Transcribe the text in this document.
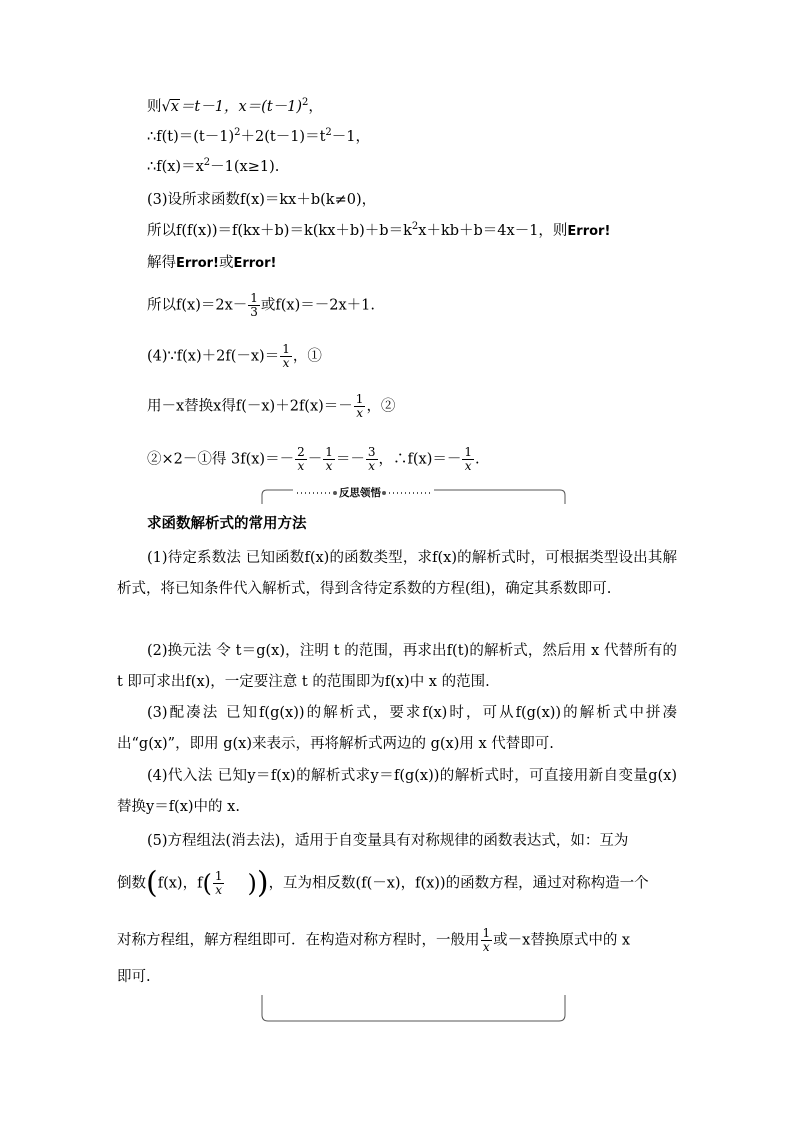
则√x＝t－1，$x=(t-1)^2$，
$\therefore f(t)=(t-1)^2+2(t-1)=t^2-1$，
$\therefore f(x)=x^2-1(x\ge 1)$.
(3)设所求函数f(x)＝kx＋b(k≠0)，
所以$f(f(x))=f(kx+b)=k(kx+b)+b=k^2x+kb+b=4x-1$，则Error!
解得Error!或Error!
所以$f(x)=2x- \frac{1}{3}$ 或f(x)＝－2x＋1.
(4)∵f(x)＋2f(－x)＝ $\frac{1}{x}$ ，①
用－x替换x得$f(-x)+2f(x)=- \frac{1}{x}$ ，②
②×2－①得 $3f(x)=- \frac{2}{x} - \frac{1}{x} =- \frac{3}{x}$ ，∴f(x)＝－ $\frac{1}{x}$ .
反思领悟
求函数解析式的常用方法
(1)待定系数法 已知函数f(x)的函数类型，求f(x)的解析式时，可根据类型设出其解析式，将已知条件代入解析式，得到含待定系数的方程(组)，确定其系数即可.
(2)换元法 令 t＝g(x)，注明 t 的范围，再求出f(t)的解析式，然后用 x 代替所有的 t 即可求出f(x)，一定要注意 t 的范围即为f(x)中 x 的范围.
(3)配凑法 已知f(g(x))的解析式，要求f(x)时，可从f(g(x))的解析式中拼凑出“g(x)”，即用 g(x)来表示，再将解析式两边的 g(x)用 x 代替即可.
(4)代入法 已知y＝f(x)的解析式求y＝f(g(x))的解析式时，可直接用新自变量g(x)替换y＝f(x)中的 x.
(5)方程组法(消去法)，适用于自变量具有对称规律的函数表达式，如：互为
倒数(f(x)，$f( \frac{1}{x}$ ))，互为相反数(f(－x)，f(x))的函数方程，通过对称构造一个
对称方程组，解方程组即可．在构造对称方程时，一般用 $\frac{1}{x}$ 或－x替换原式中的 x
即可.
